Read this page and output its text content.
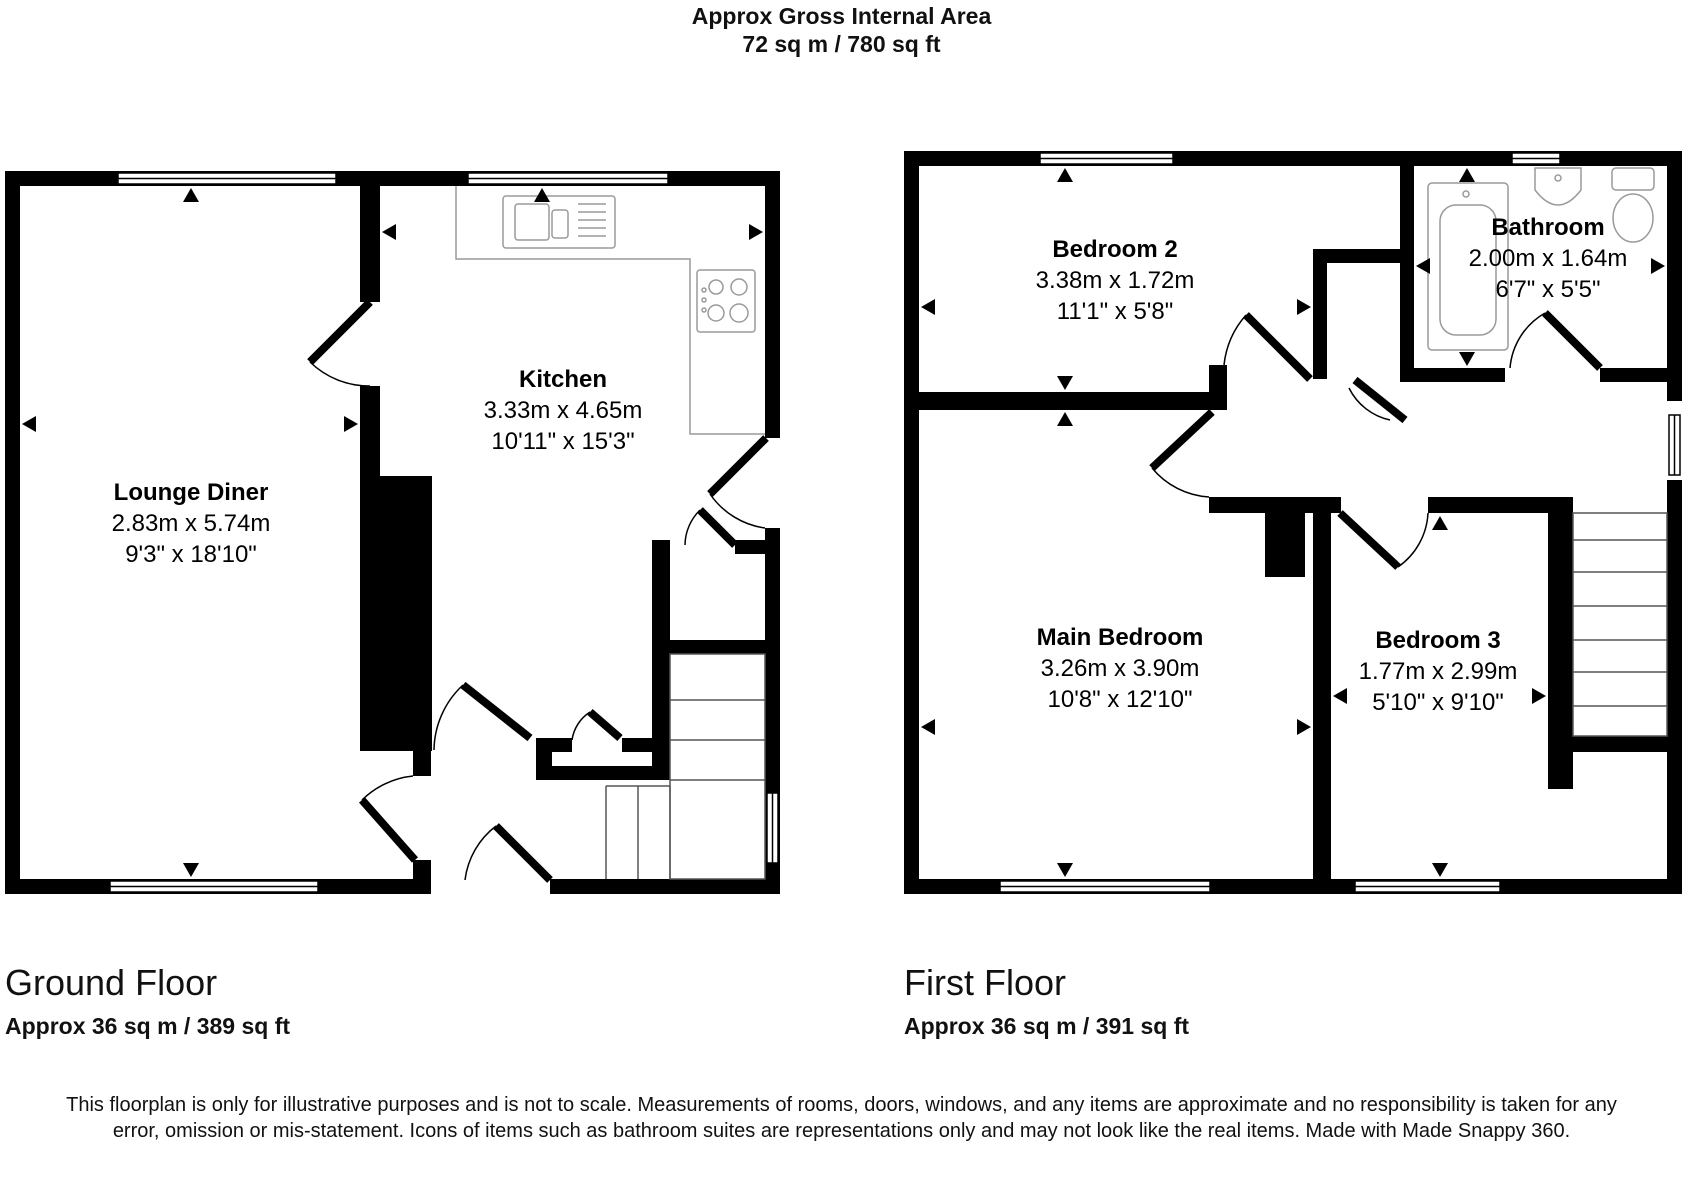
Approx Gross Internal Area
72 sq m / 780 sq ft
Lounge Diner
2.83m x 5.74m
9'3" x 18'10"
Kitchen
3.33m x 4.65m
10'11" x 15'3"
Bedroom 2
3.38m x 1.72m
11'1" x 5'8"
Bathroom
2.00m x 1.64m
6'7" x 5'5"
Main Bedroom
3.26m x 3.90m
10'8" x 12'10"
Bedroom 3
1.77m x 2.99m
5'10" x 9'10"
Ground Floor
Approx 36 sq m / 389 sq ft
First Floor
Approx 36 sq m / 391 sq ft
This floorplan is only for illustrative purposes and is not to scale. Measurements of rooms, doors, windows, and any items are approximate and no responsibility is taken for any error, omission or mis-statement. Icons of items such as bathroom suites are representations only and may not look like the real items. Made with Made Snappy 360.
